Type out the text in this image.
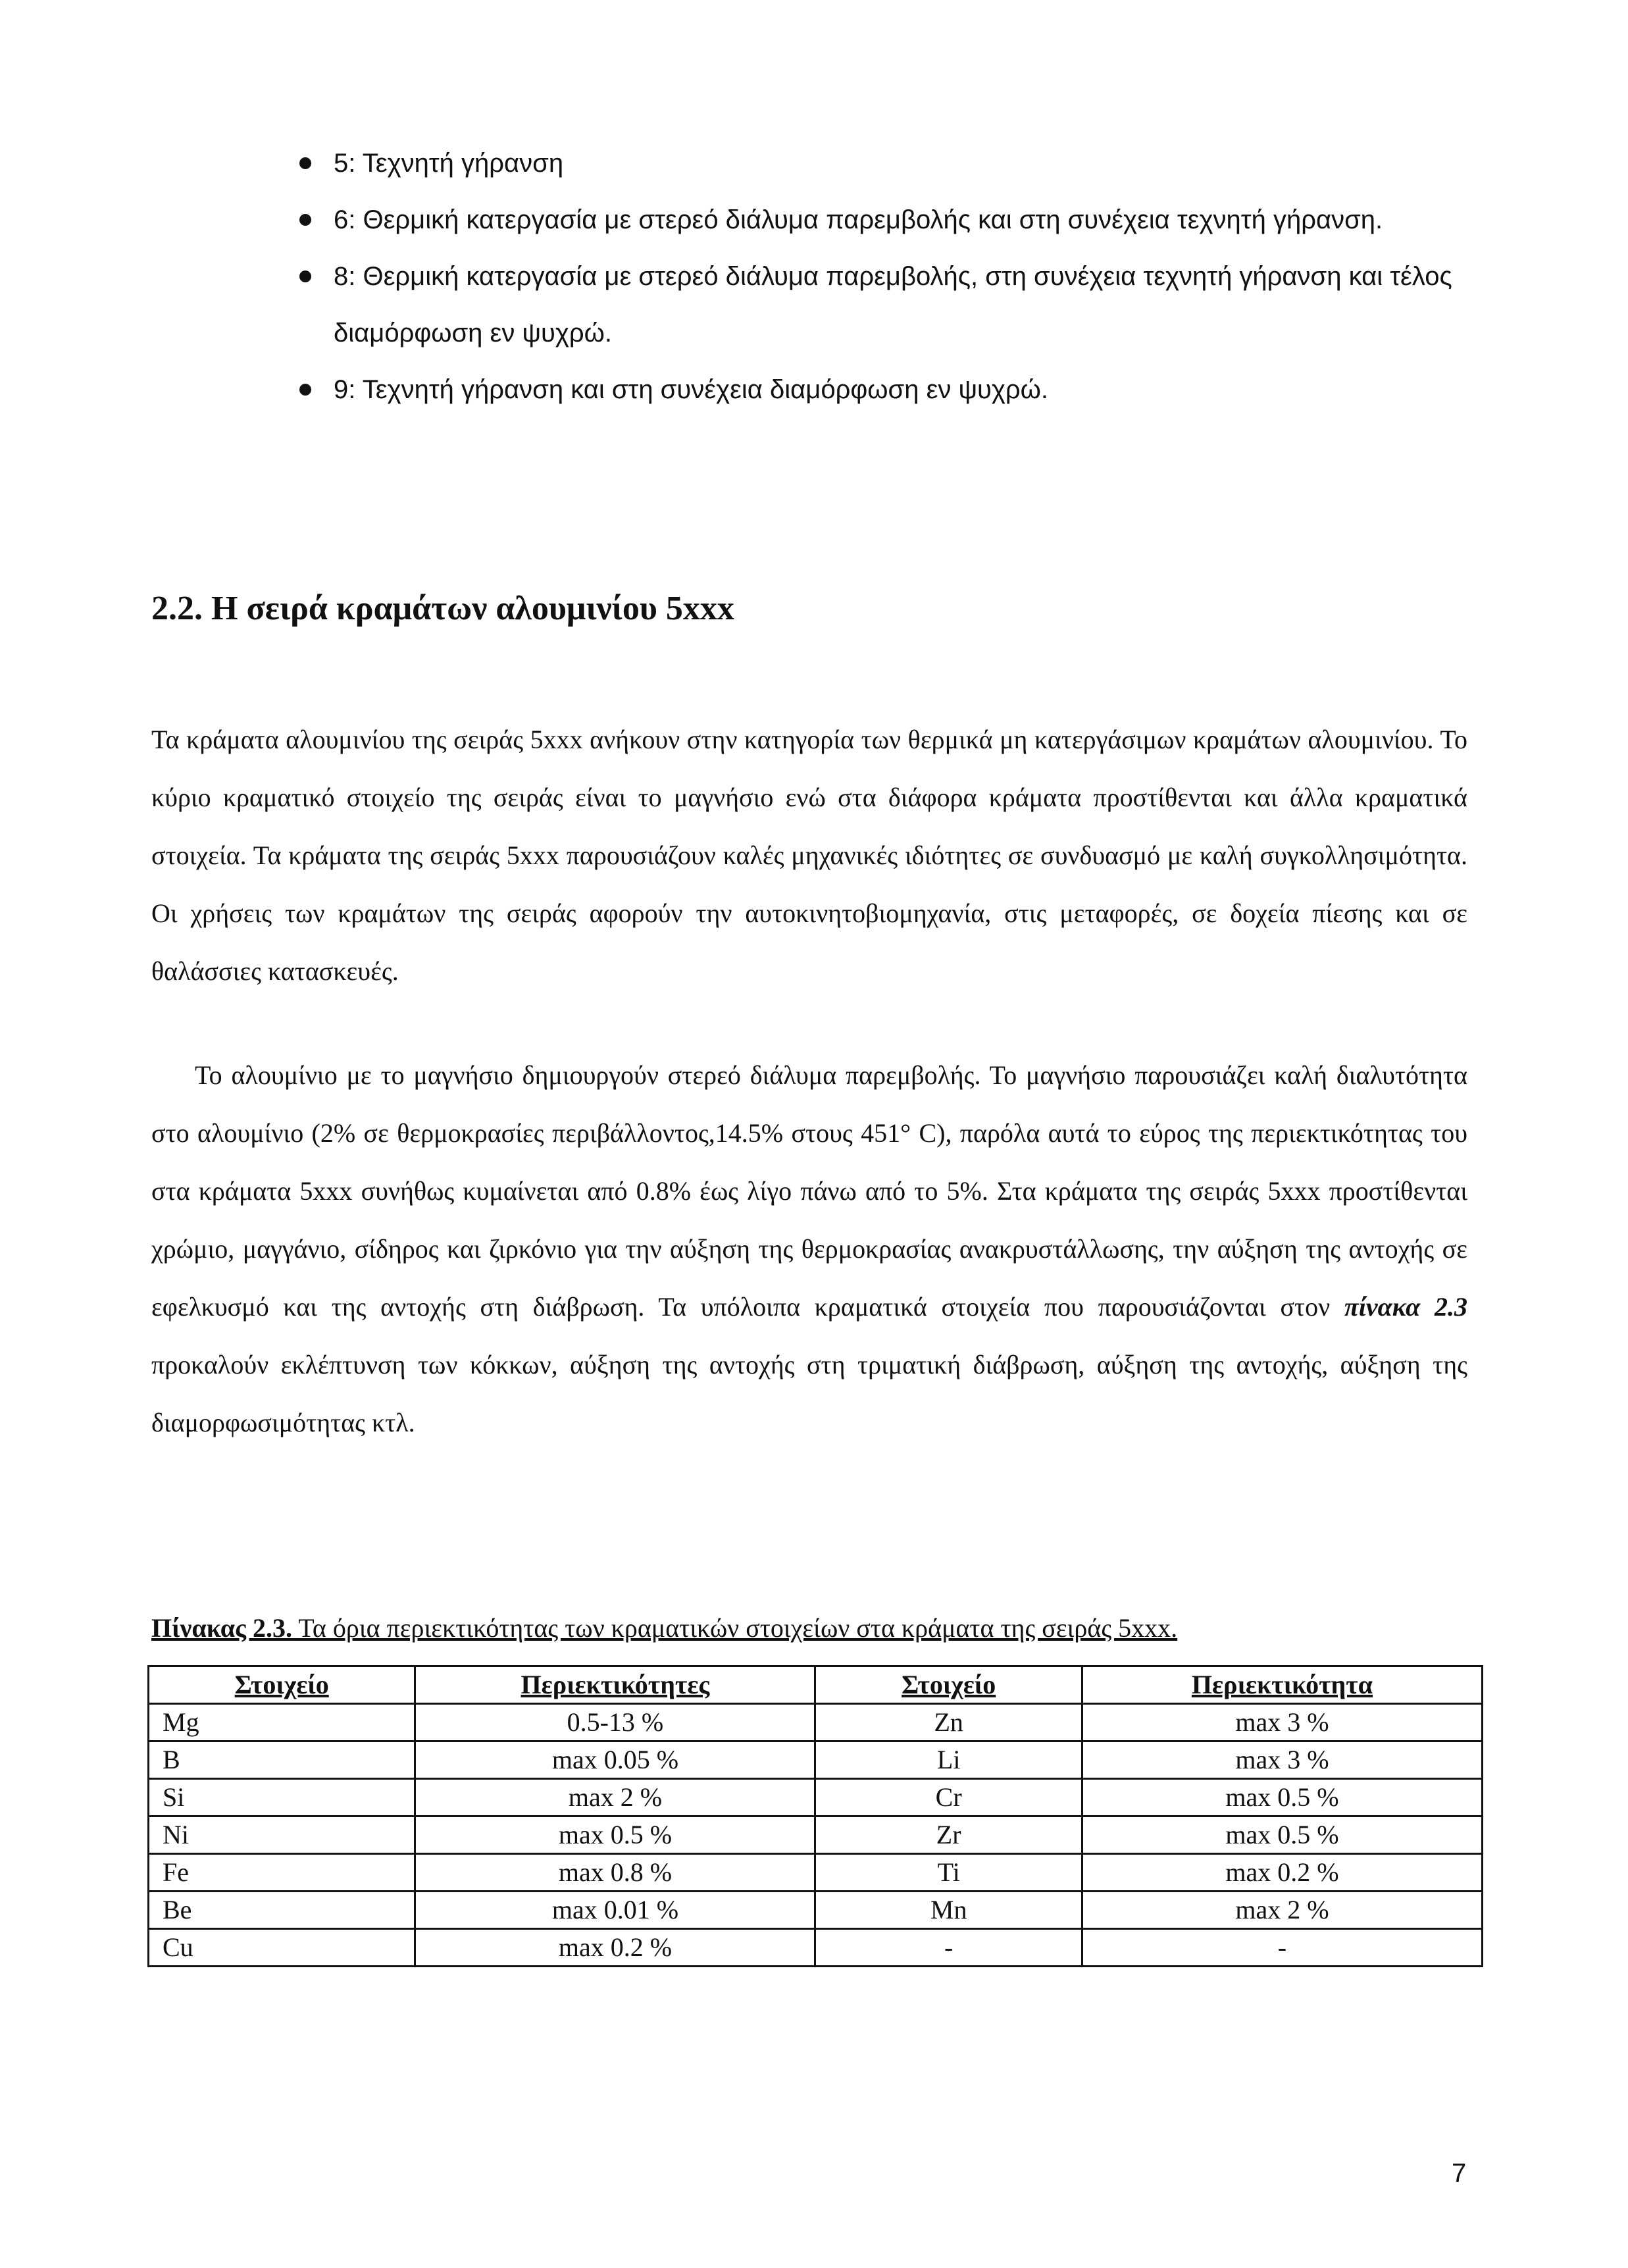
5: Τεχνητή γήρανση
6: Θερμική κατεργασία με στερεό διάλυμα παρεμβολής και στη συνέχεια τεχνητή γήρανση.
8: Θερμική κατεργασία με στερεό διάλυμα παρεμβολής, στη συνέχεια τεχνητή γήρανση και τέλος διαμόρφωση εν ψυχρώ.
9: Τεχνητή γήρανση και στη συνέχεια διαμόρφωση εν ψυχρώ.
2.2. Η σειρά κραμάτων αλουμινίου 5xxx

Τα κράματα αλουμινίου της σειράς 5xxx ανήκουν στην κατηγορία των θερμικά μη κατεργάσιμων κραμάτων αλουμινίου. Το κύριο κραματικό στοιχείο της σειράς είναι το μαγνήσιο ενώ στα διάφορα κράματα προστίθενται και άλλα κραματικά στοιχεία. Τα κράματα της σειράς 5xxx παρουσιάζουν καλές μηχανικές ιδιότητες σε συνδυασμό με καλή συγκολλησιμότητα. Οι χρήσεις των κραμάτων της σειράς αφορούν την αυτοκινητοβιομηχανία, στις μεταφορές, σε δοχεία πίεσης και σε θαλάσσιες κατασκευές.

Το αλουμίνιο με το μαγνήσιο δημιουργούν στερεό διάλυμα παρεμβολής. Το μαγνήσιο παρουσιάζει καλή διαλυτότητα στο αλουμίνιο (2% σε θερμοκρασίες περιβάλλοντος,14.5% στους 451° C), παρόλα αυτά το εύρος της περιεκτικότητας του στα κράματα 5xxx συνήθως κυμαίνεται από 0.8% έως λίγο πάνω από το 5%. Στα κράματα της σειράς 5xxx προστίθενται χρώμιο, μαγγάνιο, σίδηρος και ζιρκόνιο για την αύξηση της θερμοκρασίας ανακρυστάλλωσης, την αύξηση της αντοχής σε εφελκυσμό και της αντοχής στη διάβρωση. Τα υπόλοιπα κραματικά στοιχεία που παρουσιάζονται στον πίνακα 2.3 προκαλούν εκλέπτυνση των κόκκων, αύξηση της αντοχής στη τριματική διάβρωση, αύξηση της αντοχής, αύξηση της διαμορφωσιμότητας κτλ.

Πίνακας 2.3. Τα όρια περιεκτικότητας των κραματικών στοιχείων στα κράματα της σειράς 5xxx.

Στοιχείο	Περιεκτικότητες	Στοιχείο	Περιεκτικότητα
Mg	0.5-13 %	Zn	max 3 %
B	max 0.05 %	Li	max 3 %
Si	max 2 %	Cr	max 0.5 %
Ni	max 0.5 %	Zr	max 0.5 %
Fe	max 0.8 %	Ti	max 0.2 %
Be	max 0.01 %	Mn	max 2 %
Cu	max 0.2 %	-	-
7
